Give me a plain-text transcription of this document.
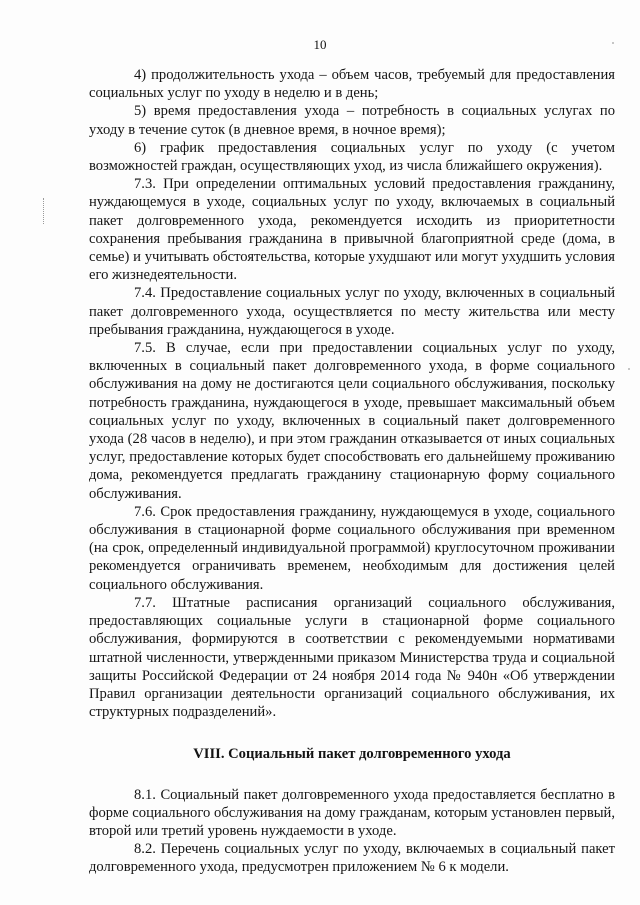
10

4) продолжительность ухода – объем часов, требуемый для предоставления социальных услуг по уходу в неделю и в день;

5) время предоставления ухода – потребность в социальных услугах по уходу в течение суток (в дневное время, в ночное время);

6) график предоставления социальных услуг по уходу (с учетом возможностей граждан, осуществляющих уход, из числа ближайшего окружения).

7.3. При определении оптимальных условий предоставления гражданину, нуждающемуся в уходе, социальных услуг по уходу, включаемых в социальный пакет долговременного ухода, рекомендуется исходить из приоритетности сохранения пребывания гражданина в привычной благоприятной среде (дома, в семье) и учитывать обстоятельства, которые ухудшают или могут ухудшить условия его жизнедеятельности.

7.4. Предоставление социальных услуг по уходу, включенных в социальный пакет долговременного ухода, осуществляется по месту жительства или месту пребывания гражданина, нуждающегося в уходе.

7.5. В случае, если при предоставлении социальных услуг по уходу, включенных в социальный пакет долговременного ухода, в форме социального обслуживания на дому не достигаются цели социального обслуживания, поскольку потребность гражданина, нуждающегося в уходе, превышает максимальный объем социальных услуг по уходу, включенных в социальный пакет долговременного ухода (28 часов в неделю), и при этом гражданин отказывается от иных социальных услуг, предоставление которых будет способствовать его дальнейшему проживанию дома, рекомендуется предлагать гражданину стационарную форму социального обслуживания.

7.6. Срок предоставления гражданину, нуждающемуся в уходе, социального обслуживания в стационарной форме социального обслуживания при временном (на срок, определенный индивидуальной программой) круглосуточном проживании рекомендуется ограничивать временем, необходимым для достижения целей социального обслуживания.

7.7. Штатные расписания организаций социального обслуживания, предоставляющих социальные услуги в стационарной форме социального обслуживания, формируются в соответствии с рекомендуемыми нормативами штатной численности, утвержденными приказом Министерства труда и социальной защиты Российской Федерации от 24 ноября 2014 года № 940н «Об утверждении Правил организации деятельности организаций социального обслуживания, их структурных подразделений».

VIII. Социальный пакет долговременного ухода

8.1. Социальный пакет долговременного ухода предоставляется бесплатно в форме социального обслуживания на дому гражданам, которым установлен первый, второй или третий уровень нуждаемости в уходе.

8.2. Перечень социальных услуг по уходу, включаемых в социальный пакет долговременного ухода, предусмотрен приложением № 6 к модели.
